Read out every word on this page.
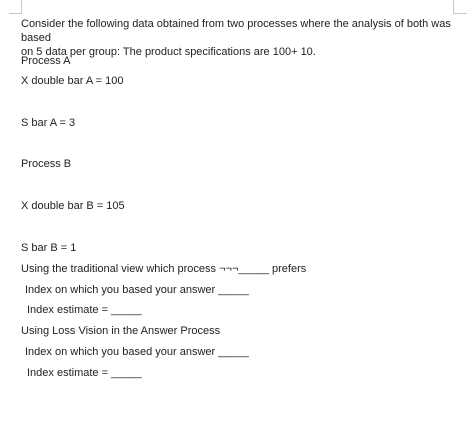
Consider the following data obtained from two processes where the analysis of both was based
on 5 data per group: The product specifications are 100+ 10.
Process A
X double bar A = 100
S bar A = 3
Process B
X double bar B = 105
S bar B = 1
Using the traditional view which process ¬¬¬_____ prefers
Index on which you based your answer _____
Index estimate = _____
Using Loss Vision in the Answer Process
Index on which you based your answer _____
Index estimate = _____
